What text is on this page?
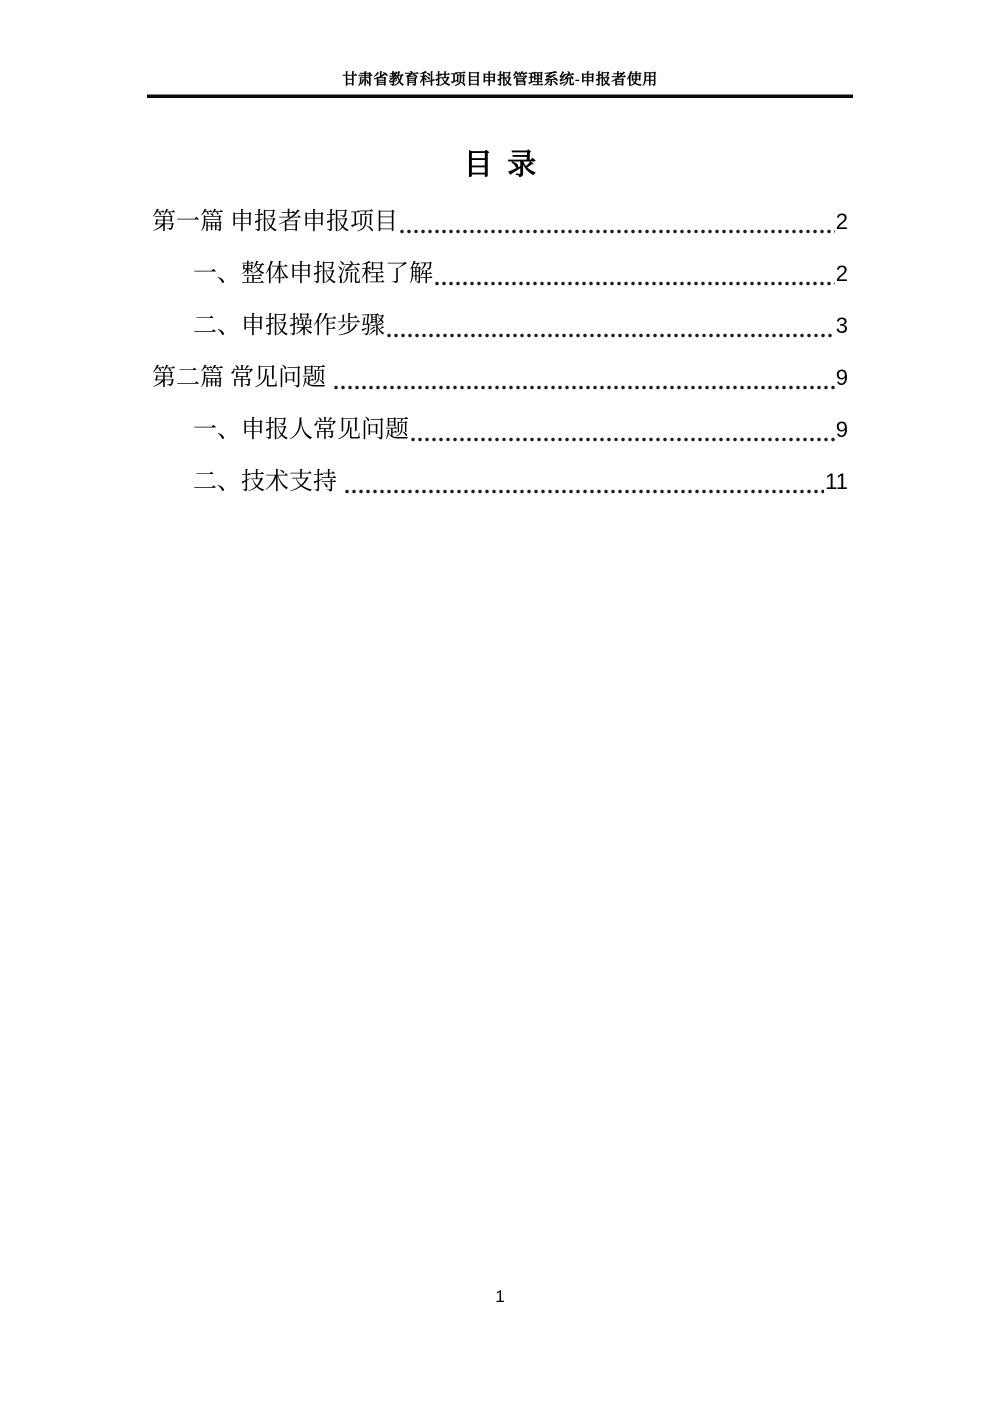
甘肃省教育科技项目申报管理系统-申报者使用
目  录
第一篇 申报者申报项目	2
一、整体申报流程了解	2
二、申报操作步骤	3
第二篇 常见问题	9
一、申报人常见问题	9
二、技术支持	11
1
